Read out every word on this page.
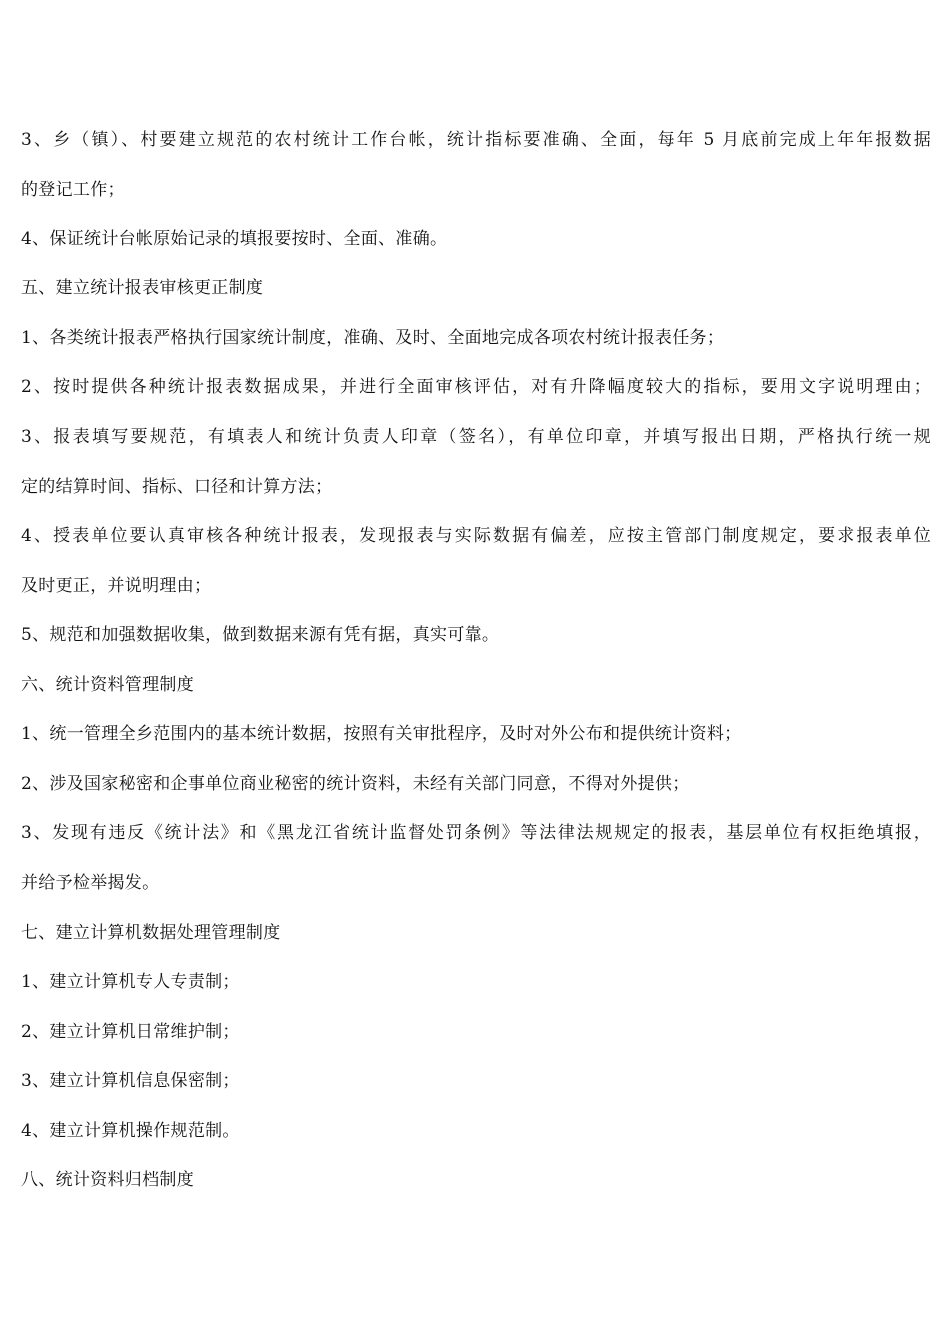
3、乡（镇）、村要建立规范的农村统计工作台帐，统计指标要准确、全面，每年 5 月底前完成上年年报数据
的登记工作；
4、保证统计台帐原始记录的填报要按时、全面、准确。
五、建立统计报表审核更正制度
1、各类统计报表严格执行国家统计制度，准确、及时、全面地完成各项农村统计报表任务；
2、按时提供各种统计报表数据成果，并进行全面审核评估，对有升降幅度较大的指标，要用文字说明理由；
3、报表填写要规范，有填表人和统计负责人印章（签名），有单位印章，并填写报出日期，严格执行统一规
定的结算时间、指标、口径和计算方法；
4、授表单位要认真审核各种统计报表，发现报表与实际数据有偏差，应按主管部门制度规定，要求报表单位
及时更正，并说明理由；
5、规范和加强数据收集，做到数据来源有凭有据，真实可靠。
六、统计资料管理制度
1、统一管理全乡范围内的基本统计数据，按照有关审批程序，及时对外公布和提供统计资料；
2、涉及国家秘密和企事单位商业秘密的统计资料，未经有关部门同意，不得对外提供；
3、发现有违反《统计法》和《黑龙江省统计监督处罚条例》等法律法规规定的报表，基层单位有权拒绝填报，
并给予检举揭发。
七、建立计算机数据处理管理制度
1、建立计算机专人专责制；
2、建立计算机日常维护制；
3、建立计算机信息保密制；
4、建立计算机操作规范制。
八、统计资料归档制度
